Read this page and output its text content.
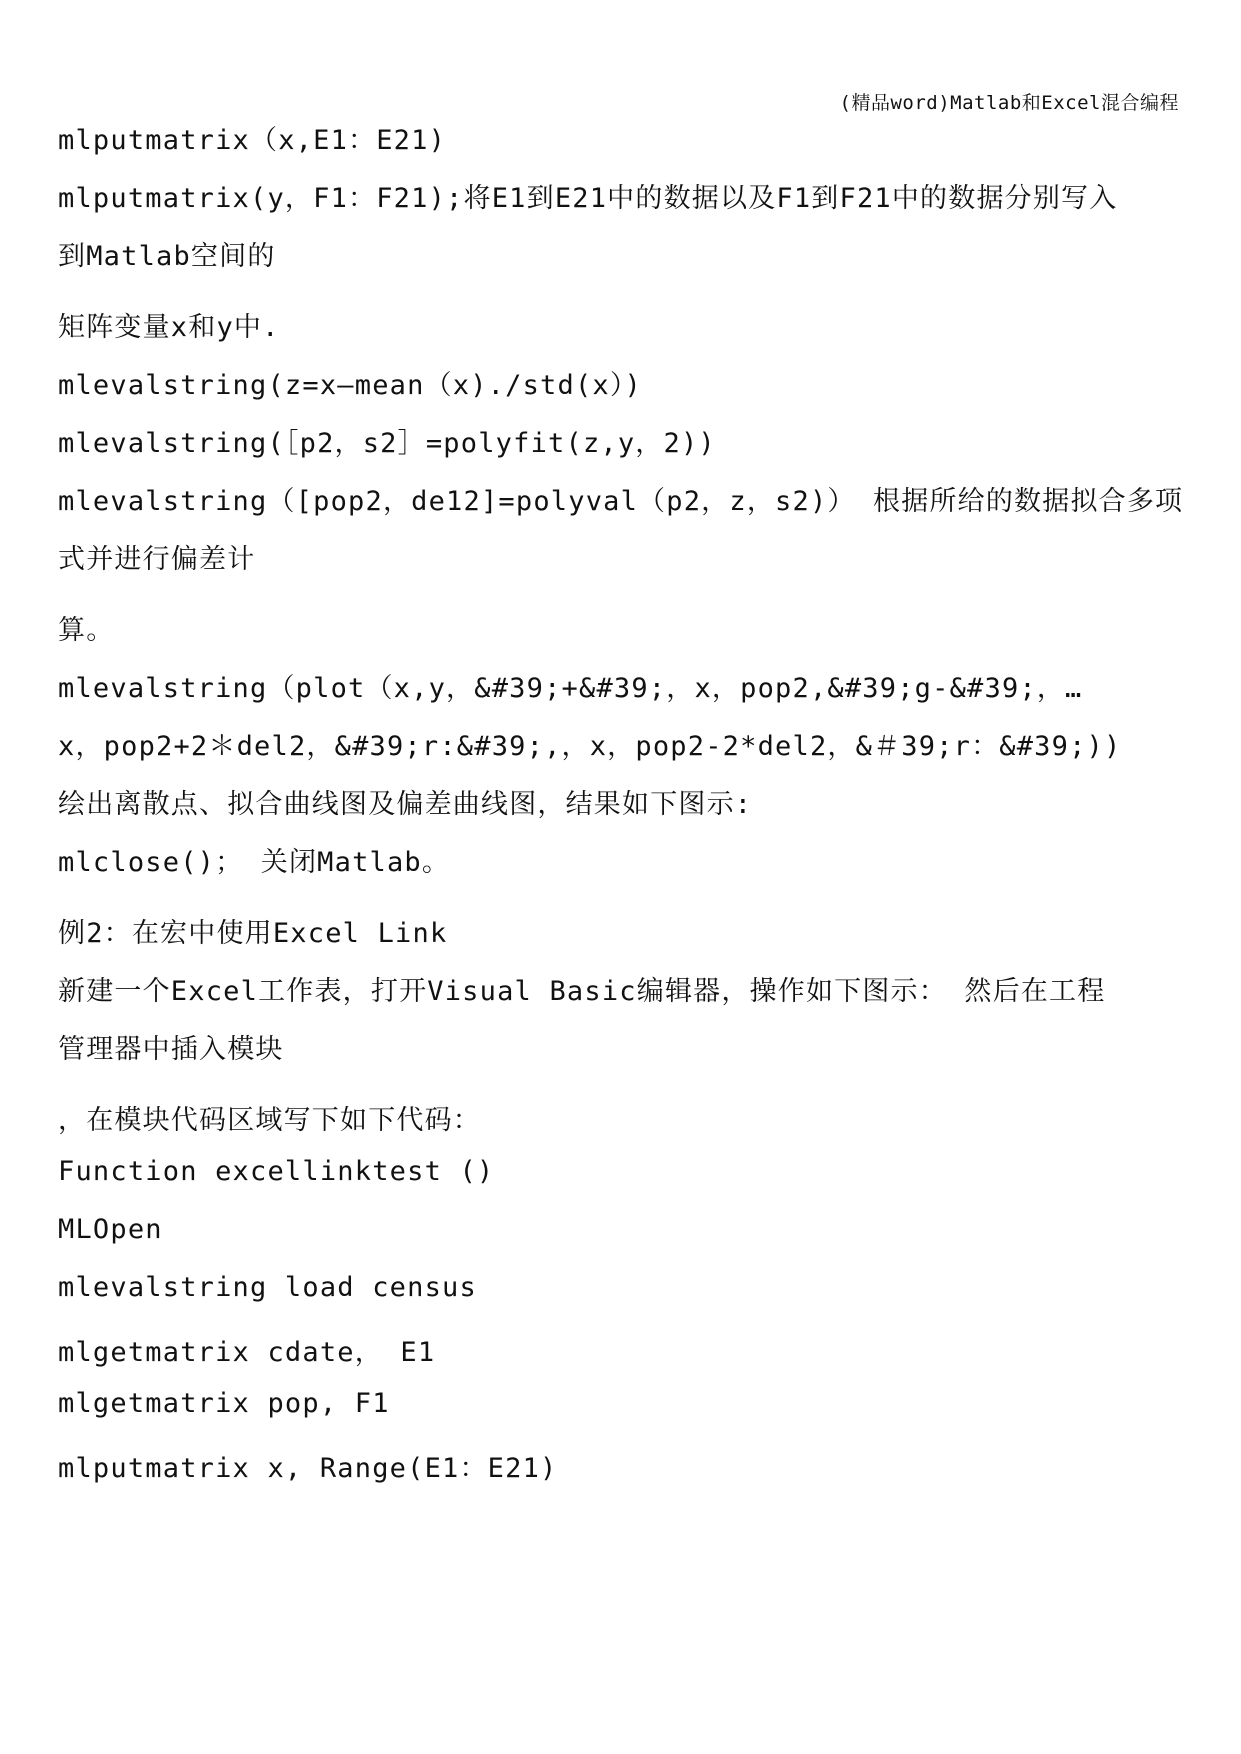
(精品word)Matlab和Excel混合编程
mlputmatrix（x,E1：E21)
mlputmatrix(y，F1：F21);将E1到E21中的数据以及F1到F21中的数据分别写入
到Matlab空间的
矩阵变量x和y中.
mlevalstring(z=x—mean（x)./std(x）)
mlevalstring(［p2，s2］=polyfit(z,y，2))
mlevalstring（[pop2，de12]=polyval（p2，z，s2)） 根据所给的数据拟合多项
式并进行偏差计
算。
mlevalstring（plot（x,y，&#39;+&#39;，x，pop2,&#39;g-&#39;，…
x，pop2+2＊del2，&#39;r:&#39;,，x，pop2-2*del2，&＃39;r：&#39;))
绘出离散点、拟合曲线图及偏差曲线图，结果如下图示:
mlclose()； 关闭Matlab。
例2：在宏中使用Excel Link
新建一个Excel工作表，打开Visual Basic编辑器，操作如下图示： 然后在工程
管理器中插入模块
，在模块代码区域写下如下代码：
Function excellinktest ()
MLOpen
mlevalstring load census
mlgetmatrix cdate， E1
mlgetmatrix pop, F1
mlputmatrix x, Range(E1：E21)
